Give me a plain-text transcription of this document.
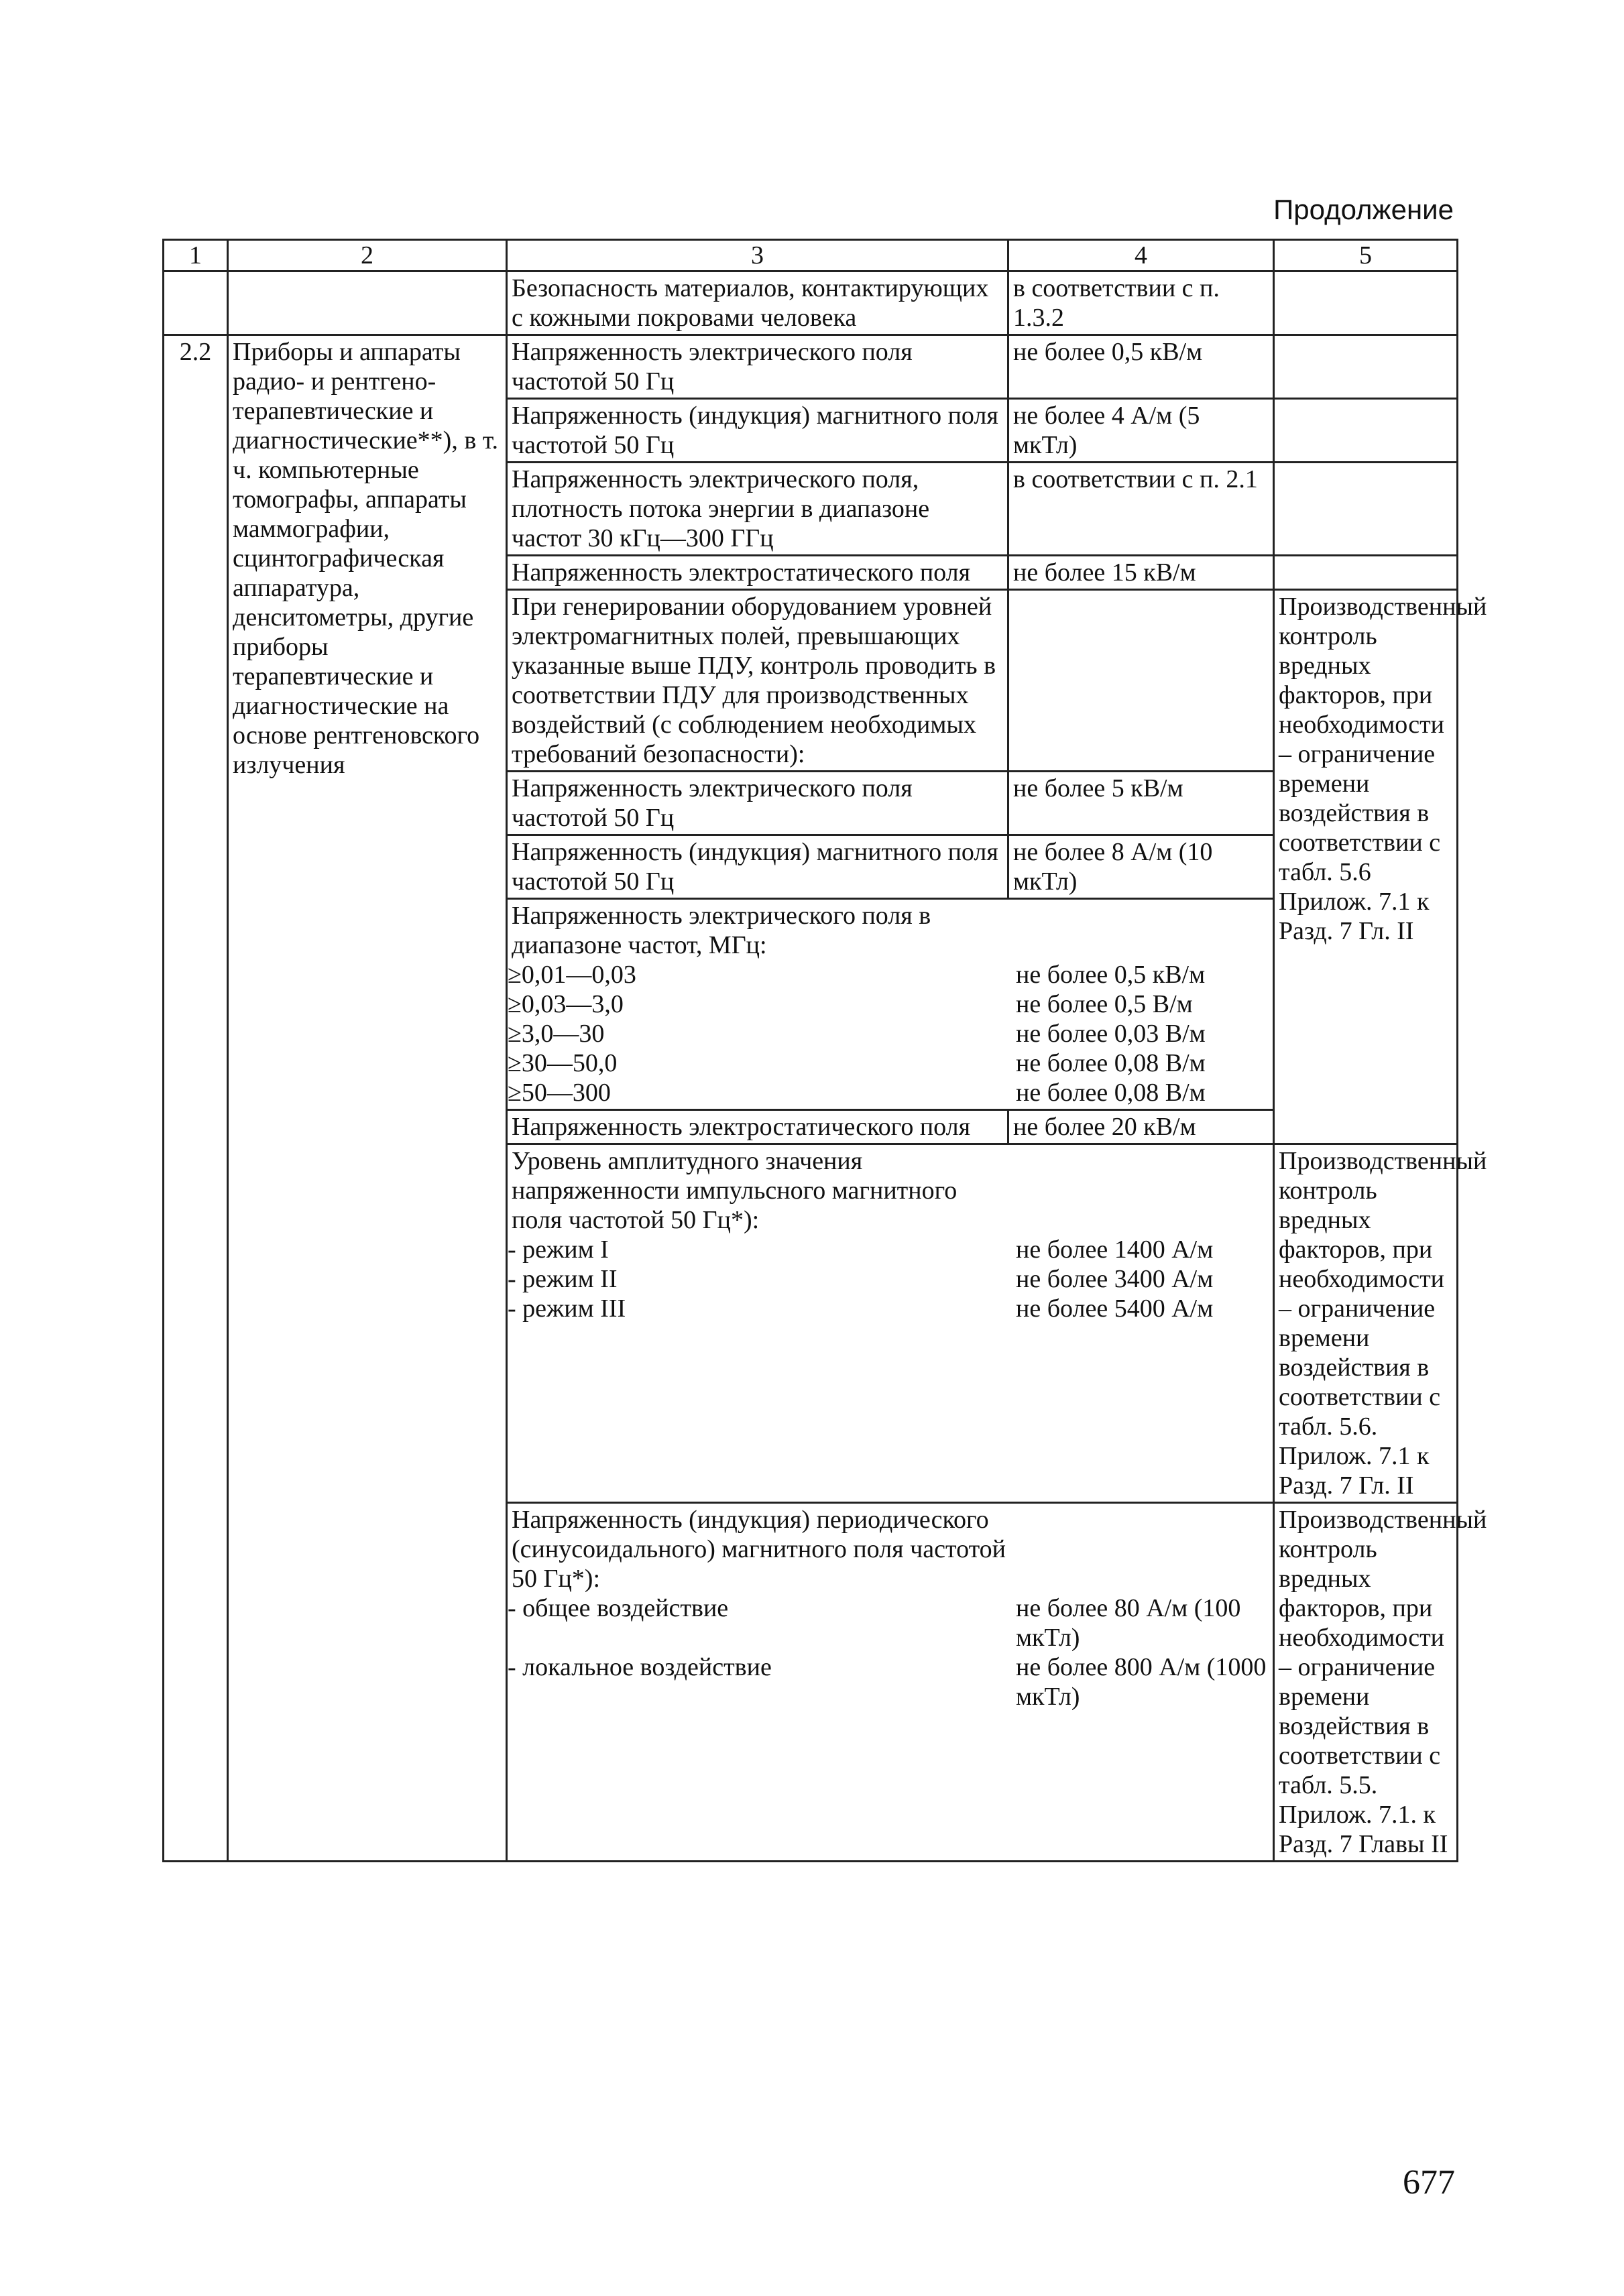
Продолжение

1	2	3	4	5
		Безопасность материалов, контактирующих с кожными покровами человека	в соответствии с п. 1.3.2	
2.2	Приборы и аппараты радио- и рентгено-терапевтические и диагностические**), в т. ч. компьютерные томографы, аппараты маммографии, сцинтографическая аппаратура, денситометры, другие приборы терапевтические и диагностические на основе рентгеновского излучения	Напряженность электрического поля частотой 50 Гц	не более 0,5 кВ/м	
Напряженность (индукция) магнитного поля частотой 50 Гц	не более 4 А/м (5 мкТл)	
Напряженность электрического поля, плотность потока энергии в диапазоне частот 30 кГц—300 ГГц	в соответствии с п. 2.1	
Напряженность электростатического поля	не более 15 кВ/м	
При генерировании оборудованием уровней электромагнитных полей, превышающих указанные выше ПДУ, контроль проводить в соответствии ПДУ для производственных воздействий (с соблюдением необходимых требований безопасности):		Производственный контроль вредных факторов, при необходимости – ограничение времени воздействия в соответствии с табл. 5.6 Прилож. 7.1 к Разд. 7 Гл. II
Напряженность электрического поля частотой 50 Гц	не более 5 кВ/м
Напряженность (индукция) магнитного поля частотой 50 Гц	не более 8 А/м (10 мкТл)

Напряженность электрического поля в диапазоне частот, МГц:	
≥0,01—0,03	не более 0,5 кВ/м
≥0,03—3,0	не более 0,5 В/м
≥3,0—30	не более 0,03 В/м
≥30—50,0	не более 0,08 В/м
≥50—300	не более 0,08 В/м

Напряженность электростатического поля	не более 20 кВ/м

Уровень амплитудного значения напряженности импульсного магнитного поля частотой 50 Гц*):	
- режим I	не более 1400 А/м
- режим II	не более 3400 А/м
- режим III	не более 5400 А/м
	Производственный контроль вредных факторов, при необходимости – ограничение времени воздействия в соответствии с табл. 5.6. Прилож. 7.1 к Разд. 7 Гл. II

Напряженность (индукция) периодического (синусоидального) магнитного поля частотой 50 Гц*):	
- общее воздействие	не более 80 А/м (100 мкТл)
- локальное воздействие	не более 800 А/м (1000 мкТл)
	Производственный контроль вредных факторов, при необходимости – ограничение времени воздействия в соответствии с табл. 5.5. Прилож. 7.1. к Разд. 7 Главы II

677
